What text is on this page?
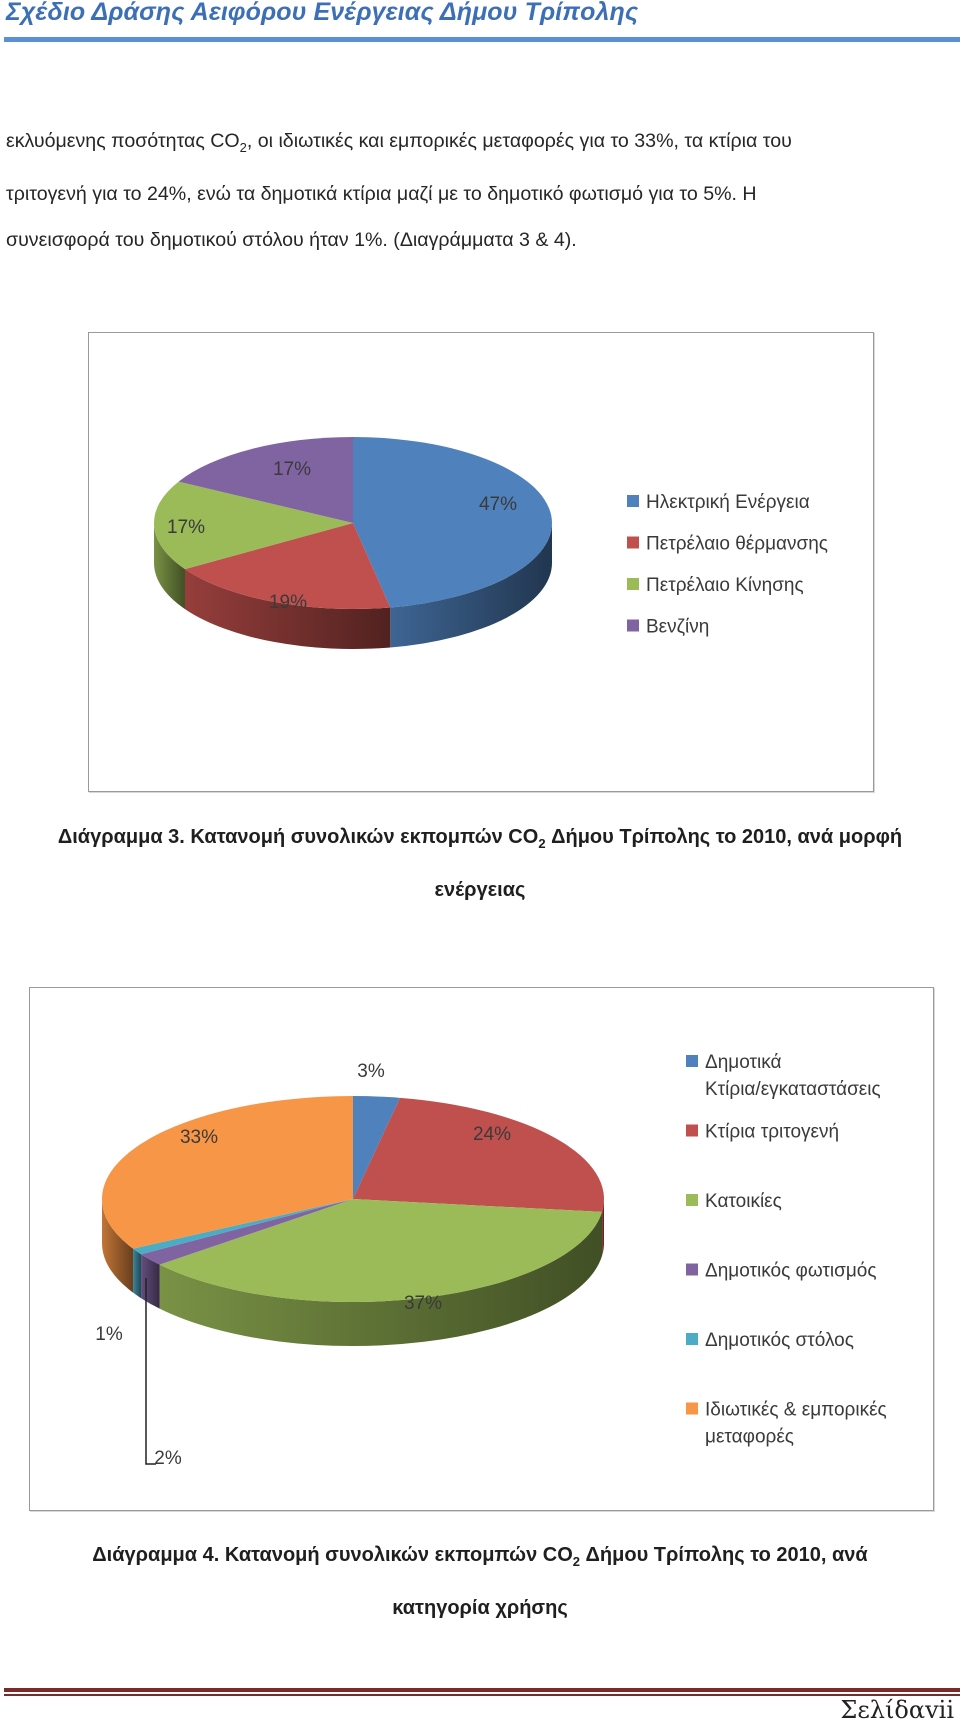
Σχέδιο Δράσης Αειφόρου Ενέργειας Δήμου Τρίπολης

εκλυόμενης ποσότητας $CO_2$, οι ιδιωτικές και εμπορικές μεταφορές για το 33%, τα κτίρια του

τριτογενή για το 24%, ενώ τα δημοτικά κτίρια μαζί με το δημοτικό φωτισμό για το 5%. Η

συνεισφορά του δημοτικού στόλου ήταν 1%. (Διαγράμματα 3 & 4).

47%
19%
17%
17%
Ηλεκτρική Ενέργεια
Πετρέλαιο θέρμανσης
Πετρέλαιο Κίνησης
Βενζίνη
Διάγραμμα 3. Κατανομή συνολικών εκπομπών $CO_2$ Δήμου Τρίπολης το 2010, ανά μορφή
ενέργειας
3%
24%
37%
2%
1%
33%
Δημοτικά Κτίρια/εγκαταστάσεις
Κτίρια τριτογενή
Κατοικίες
Δημοτικός φωτισμός
Δημοτικός στόλος
Ιδιωτικές & εμπορικές μεταφορές
Διάγραμμα 4. Κατανομή συνολικών εκπομπών $CO_2$ Δήμου Τρίπολης το 2010, ανά
κατηγορία χρήσης
Σελίδαvii
